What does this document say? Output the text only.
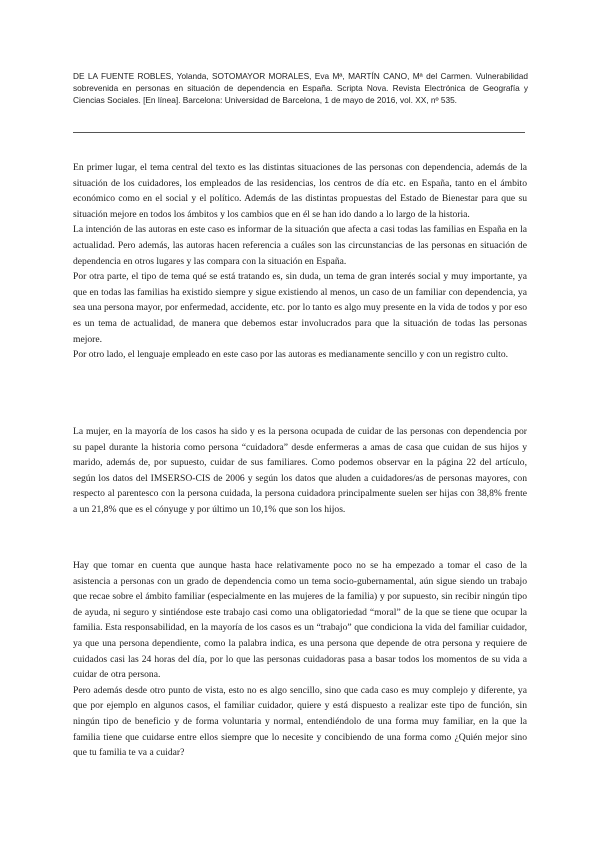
DE LA FUENTE ROBLES, Yolanda, SOTOMAYOR MORALES, Eva Mª, MARTÍN CANO, Mª del Carmen. Vulnerabilidad sobrevenida en personas en situación de dependencia en España. Scripta Nova. Revista Electrónica de Geografía y Ciencias Sociales. [En línea]. Barcelona: Universidad de Barcelona, 1 de mayo de 2016, vol. XX, nº 535.

En primer lugar, el tema central del texto es las distintas situaciones de las personas con dependencia, además de la situación de los cuidadores, los empleados de las residencias, los centros de día etc. en España, tanto en el ámbito económico como en el social y el político. Además de las distintas propuestas del Estado de Bienestar para que su situación mejore en todos los ámbitos y los cambios que en él se han ido dando a lo largo de la historia.

La intención de las autoras en este caso es informar de la situación que afecta a casi todas las familias en España en la actualidad. Pero además, las autoras hacen referencia a cuáles son las circunstancias de las personas en situación de dependencia en otros lugares y las compara con la situación en España.

Por otra parte, el tipo de tema qué se está tratando es, sin duda, un tema de gran interés social y muy importante, ya que en todas las familias ha existido siempre y sigue existiendo al menos, un caso de un familiar con dependencia, ya sea una persona mayor, por enfermedad, accidente, etc. por lo tanto es algo muy presente en la vida de todos y por eso es un tema de actualidad, de manera que debemos estar involucrados para que la situación de todas las personas mejore.

Por otro lado, el lenguaje empleado en este caso por las autoras es medianamente sencillo y con un registro culto.

La mujer, en la mayoría de los casos ha sido y es la persona ocupada de cuidar de las personas con dependencia por su papel durante la historia como persona “cuidadora” desde enfermeras a amas de casa que cuidan de sus hijos y marido, además de, por supuesto, cuidar de sus familiares. Como podemos observar en la página 22 del artículo, según los datos del IMSERSO-CIS de 2006 y según los datos que aluden a cuidadores/as de personas mayores, con respecto al parentesco con la persona cuidada, la persona cuidadora principalmente suelen ser hijas con 38,8% frente a un 21,8% que es el cónyuge y por último un 10,1% que son los hijos.

Hay que tomar en cuenta que aunque hasta hace relativamente poco no se ha empezado a tomar el caso de la asistencia a personas con un grado de dependencia como un tema socio-gubernamental, aún sigue siendo un trabajo que recae sobre el ámbito familiar (especialmente en las mujeres de la familia) y por supuesto, sin recibir ningún tipo de ayuda, ni seguro y sintiéndose este trabajo casi como una obligatoriedad “moral” de la que se tiene que ocupar la familia. Esta responsabilidad, en la mayoría de los casos es un “trabajo” que condiciona la vida del familiar cuidador, ya que una persona dependiente, como la palabra indica, es una persona que depende de otra persona y requiere de cuidados casi las 24 horas del día, por lo que las personas cuidadoras pasa a basar todos los momentos de su vida a cuidar de otra persona.

Pero además desde otro punto de vista, esto no es algo sencillo, sino que cada caso es muy complejo y diferente, ya que por ejemplo en algunos casos, el familiar cuidador, quiere y está dispuesto a realizar este tipo de función, sin ningún tipo de beneficio y de forma voluntaria y normal, entendiéndolo de una forma muy familiar, en la que la familia tiene que cuidarse entre ellos siempre que lo necesite y concibiendo de una forma como ¿Quién mejor sino que tu familia te va a cuidar?
